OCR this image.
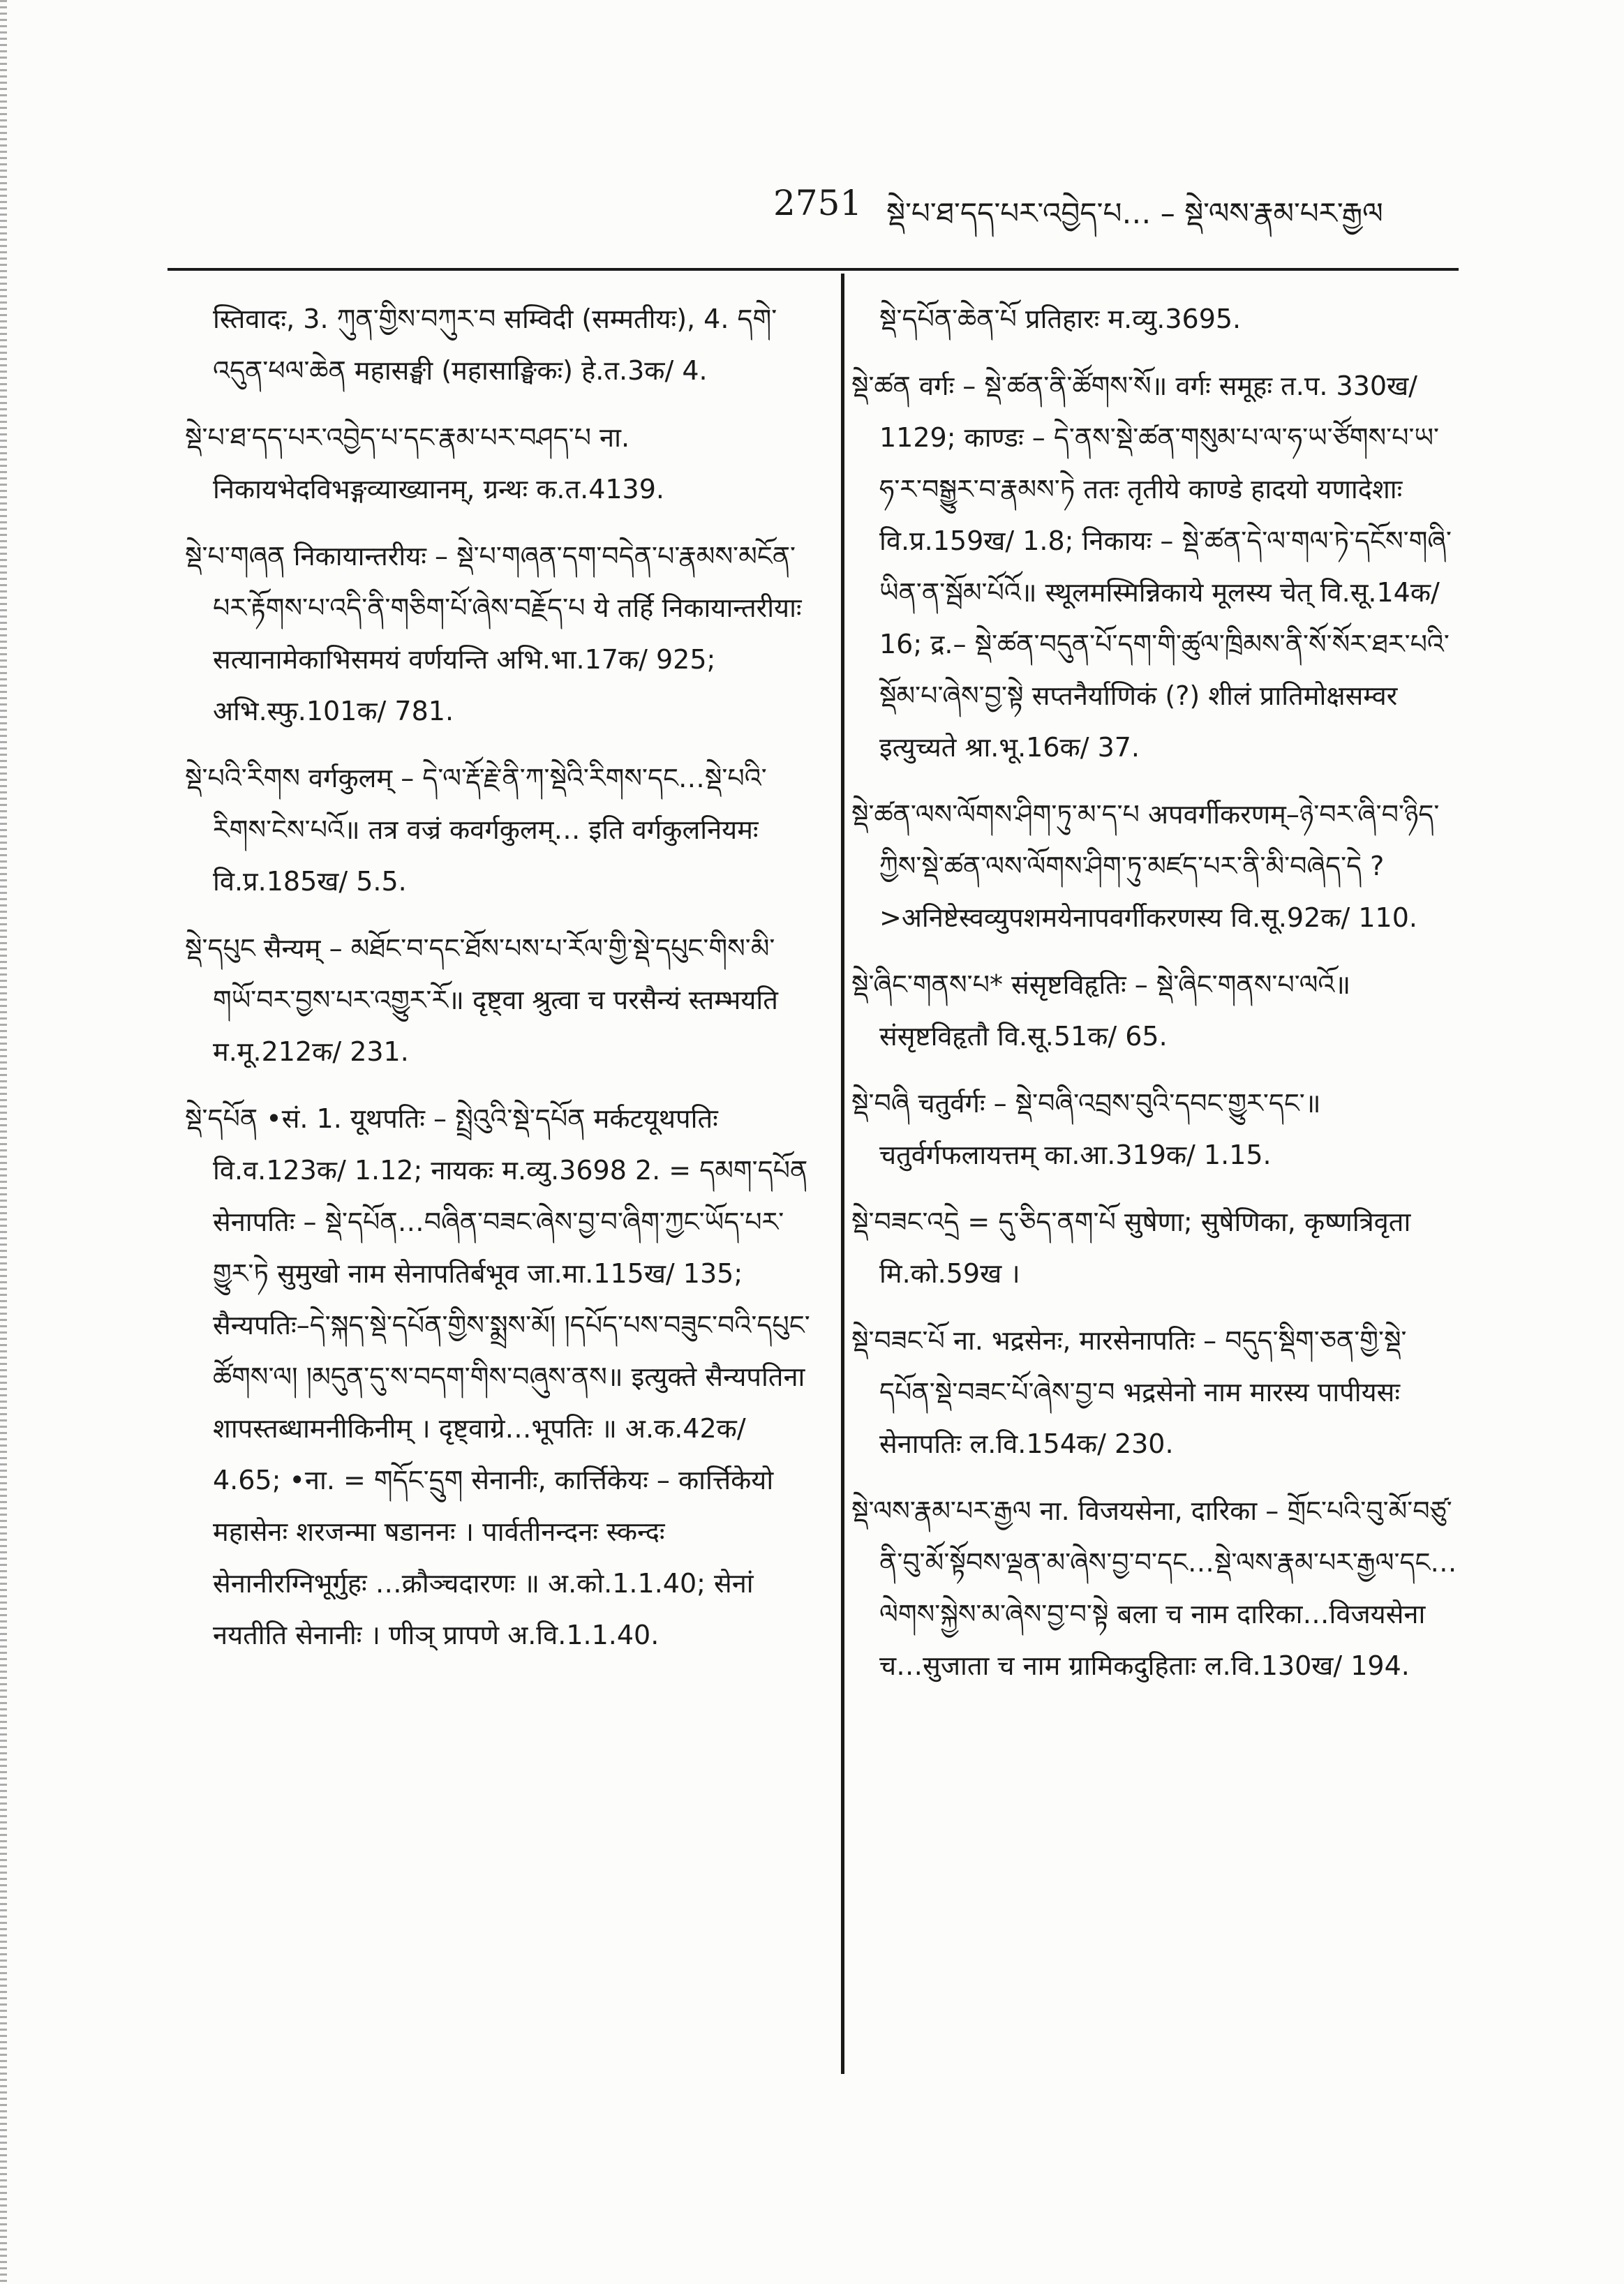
2751 སྡེ་པ་ཐ་དད་པར་འབྱེད་པ… – སྡེ་ལས་རྣམ་པར་རྒྱལ

स्तिवादः, 3. ཀུན་གྱིས་བཀུར་བ सम्विदी (सम्मतीयः), 4. དགེ་འདུན་ཕལ་ཆེན महासङ्घी (महासाङ्घिकः) हे.त.3क/ 4.

སྡེ་པ་ཐ་དད་པར་འབྱེད་པ་དང་རྣམ་པར་བཤད་པ ना. निकायभेदविभङ्गव्याख्यानम्, ग्रन्थः क.त.4139.

སྡེ་པ་གཞན निकायान्तरीयः – སྡེ་པ་གཞན་དག་བདེན་པ་རྣམས་མངོན་པར་རྟོགས་པ་འདི་ནི་གཅིག་པོ་ཞེས་བརྗོད་པ ये तर्हि निकायान्तरीयाः सत्यानामेकाभिसमयं वर्णयन्ति अभि.भा.17क/ 925; अभि.स्फु.101क/ 781.

སྡེ་པའི་རིགས वर्गकुलम् – དེ་ལ་རྡོ་རྗེ་ནི་ཀ་སྡེའི་རིགས་དང…སྡེ་པའི་རིགས་ངེས་པའོ॥ तत्र वज्रं कवर्गकुलम्… इति वर्गकुलनियमः वि.प्र.185ख/ 5.5.

སྡེ་དཔུང सैन्यम् – མཐོང་བ་དང་ཐོས་པས་པ་རོལ་གྱི་སྡེ་དཔུང་གིས་མི་གཡོ་བར་བྱས་པར་འགྱུར་རོ॥ दृष्ट्वा श्रुत्वा च परसैन्यं स्तम्भयति म.मू.212क/ 231.

སྡེ་དཔོན •सं. 1. यूथपतिः – སྤྲེའུའི་སྡེ་དཔོན मर्कटयूथपतिः वि.व.123क/ 1.12; नायकः म.व्यु.3698 2. = དམག་དཔོན सेनापतिः – སྡེ་དཔོན…བཞིན་བཟང་ཞེས་བྱ་བ་ཞིག་ཀྱང་ཡོད་པར་གྱུར་ཏེ सुमुखो नाम सेनापतिर्बभूव जा.मा.115ख/ 135; सैन्यपतिः–དེ་སྐད་སྡེ་དཔོན་གྱིས་སྨྲས་མོ། །དཔོད་པས་བཟུང་བའི་དཔུང་ཚོགས་ལ། །མདུན་དུ་ས་བདག་གིས་བཞུས་ནས॥ इत्युक्ते सैन्यपतिना शापस्तब्धामनीकिनीम् । दृष्ट्वाग्रे…भूपतिः ॥ अ.क.42क/ 4.65; •ना. = གདོང་དྲུག सेनानीः, कार्त्तिकेयः – कार्त्तिकेयो महासेनः शरजन्मा षडाननः । पार्वतीनन्दनः स्कन्दः सेनानीरग्निभूर्गुहः …क्रौञ्चदारणः ॥ अ.को.1.1.40; सेनां नयतीति सेनानीः । णीञ् प्रापणे अ.वि.1.1.40.

སྡེ་དཔོན་ཆེན་པོ प्रतिहारः म.व्यु.3695.

སྡེ་ཚན वर्गः – སྡེ་ཚན་ནི་ཚོགས་སོ॥ वर्गः समूहः त.प. 330ख/ 1129; काण्डः – དེ་ནས་སྡེ་ཚན་གསུམ་པ་ལ་ཧ་ཡ་ཙོགས་པ་ཡ་ཧ་ར་བསྒྱུར་བ་རྣམས་ཏེ ततः तृतीये काण्डे हादयो यणादेशाः वि.प्र.159ख/ 1.8; निकायः – སྡེ་ཚན་དེ་ལ་གལ་ཏེ་དངོས་གཞི་ཡིན་ན་སྦོམ་པོའོ॥ स्थूलमस्मिन्निकाये मूलस्य चेत् वि.सू.14क/ 16; द्र.– སྡེ་ཚན་བདུན་པོ་དག་གི་ཚུལ་ཁྲིམས་ནི་སོ་སོར་ཐར་པའི་སྡོམ་པ་ཞེས་བྱ་སྟེ सप्तनैर्याणिकं (?) शीलं प्रातिमोक्षसम्वर इत्युच्यते श्रा.भू.16क/ 37.

སྡེ་ཚན་ལས་ལོགས་ཤིག་ཏུ་མ་ད་པ अपवर्गीकरणम्–ཉེ་བར་ཞི་བ་ཉིད་ཀྱིས་སྡེ་ཚན་ལས་ལོགས་ཤིག་ཏུ་མཛད་པར་ནི་མི་བཞེད་དེ ?>अनिष्टेस्वव्युपशमयेनापवर्गीकरणस्य वि.सू.92क/ 110.

སྡེ་ཞིང་གནས་པ* संसृष्टविहृतिः – སྡེ་ཞིང་གནས་པ་ལའོ॥ संसृष्टविहृतौ वि.सू.51क/ 65.

སྡེ་བཞི चतुर्वर्गः – སྡེ་བཞི་འབྲས་བུའི་དབང་གྱུར་དང་॥ चतुर्वर्गफलायत्तम् का.आ.319क/ 1.15.

སྡེ་བཟང་འདྲེ = དུ་ཅིད་ནག་པོ सुषेणा; सुषेणिका, कृष्णत्रिवृता मि.को.59ख ।

སྡེ་བཟང་པོ ना. भद्रसेनः, मारसेनापतिः – བདུད་སྡིག་ཅན་གྱི་སྡེ་དཔོན་སྡེ་བཟང་པོ་ཞེས་བྱ་བ भद्रसेनो नाम मारस्य पापीयसः सेनापतिः ल.वि.154क/ 230.

སྡེ་ལས་རྣམ་པར་རྒྱལ ना. विजयसेना, दारिका – གྲོང་པའི་བུ་མོ་བཙུ་ནི་བུ་མོ་སྟོབས་ལྡན་མ་ཞེས་བྱ་བ་དང…སྡེ་ལས་རྣམ་པར་རྒྱལ་དང…ལེགས་སྐྱེས་མ་ཞེས་བྱ་བ་སྟེ बला च नाम दारिका…विजयसेना च…सुजाता च नाम ग्रामिकदुहिताः ल.वि.130ख/ 194.
